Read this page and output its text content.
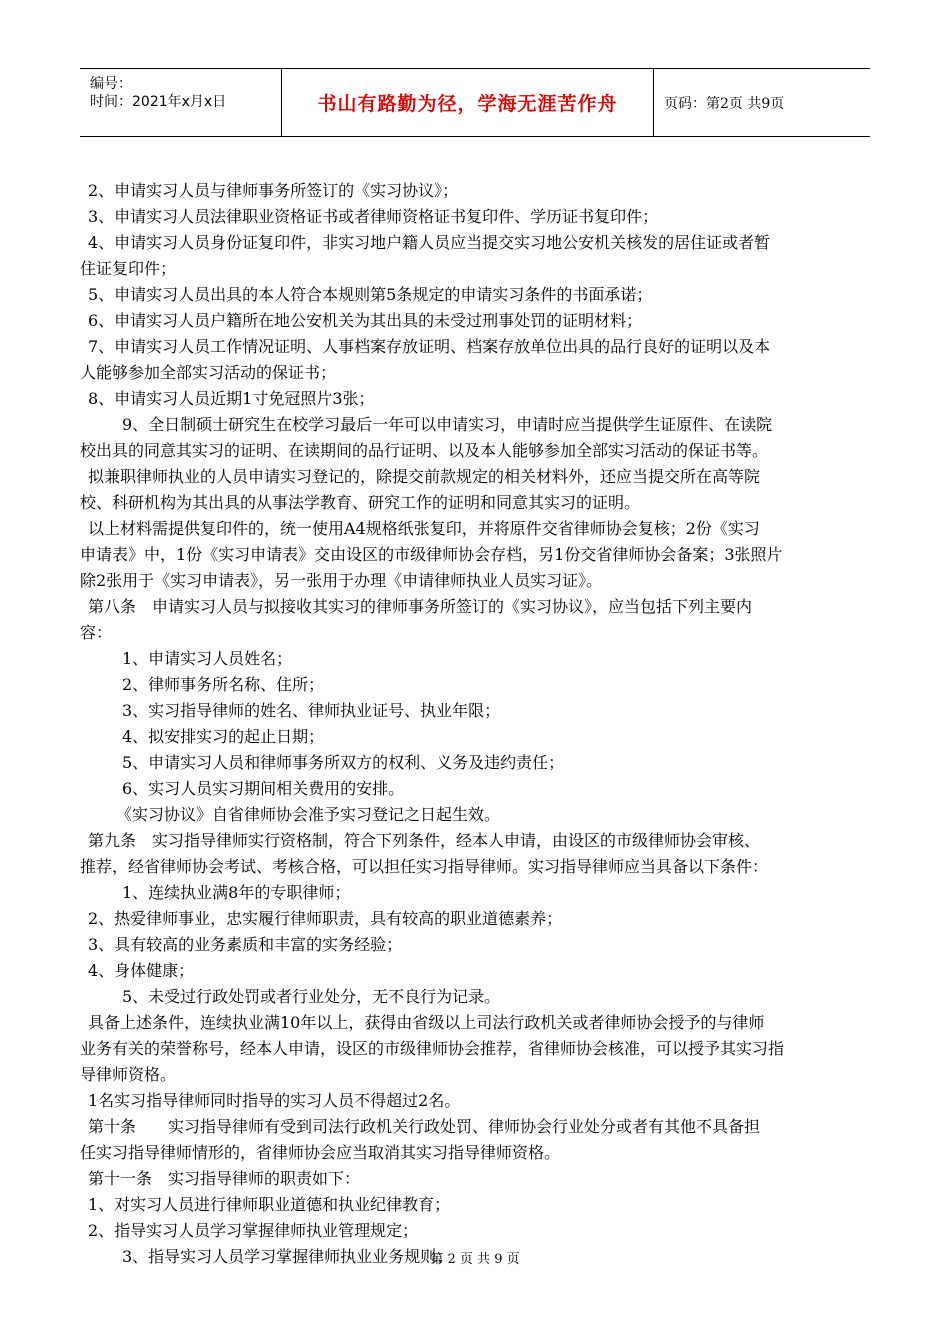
编号：
时间：2021年x月x日	书山有路勤为径，学海无涯苦作舟	页码：第2页 共9页
2、申请实习人员与律师事务所签订的《实习协议》；
3、申请实习人员法律职业资格证书或者律师资格证书复印件、学历证书复印件；
4、申请实习人员身份证复印件，非实习地户籍人员应当提交实习地公安机关核发的居住证或者暂
住证复印件；
5、申请实习人员出具的本人符合本规则第5条规定的申请实习条件的书面承诺；
6、申请实习人员户籍所在地公安机关为其出具的未受过刑事处罚的证明材料；
7、申请实习人员工作情况证明、人事档案存放证明、档案存放单位出具的品行良好的证明以及本
人能够参加全部实习活动的保证书；
8、申请实习人员近期1寸免冠照片3张；
9、全日制硕士研究生在校学习最后一年可以申请实习，申请时应当提供学生证原件、在读院
校出具的同意其实习的证明、在读期间的品行证明、以及本人能够参加全部实习活动的保证书等。
拟兼职律师执业的人员申请实习登记的，除提交前款规定的相关材料外，还应当提交所在高等院
校、科研机构为其出具的从事法学教育、研究工作的证明和同意其实习的证明。
以上材料需提供复印件的，统一使用A4规格纸张复印，并将原件交省律师协会复核；2份《实习
申请表》中，1份《实习申请表》交由设区的市级律师协会存档，另1份交省律师协会备案；3张照片
除2张用于《实习申请表》，另一张用于办理《申请律师执业人员实习证》。
第八条　申请实习人员与拟接收其实习的律师事务所签订的《实习协议》，应当包括下列主要内
容：
1、申请实习人员姓名；
2、律师事务所名称、住所；
3、实习指导律师的姓名、律师执业证号、执业年限；
4、拟安排实习的起止日期；
5、申请实习人员和律师事务所双方的权利、义务及违约责任；
6、实习人员实习期间相关费用的安排。
《实习协议》自省律师协会准予实习登记之日起生效。
第九条　实习指导律师实行资格制，符合下列条件，经本人申请，由设区的市级律师协会审核、
推荐，经省律师协会考试、考核合格，可以担任实习指导律师。实习指导律师应当具备以下条件：
1、连续执业满8年的专职律师；
2、热爱律师事业，忠实履行律师职责，具有较高的职业道德素养；
3、具有较高的业务素质和丰富的实务经验；
4、身体健康；
5、未受过行政处罚或者行业处分，无不良行为记录。
具备上述条件，连续执业满10年以上，获得由省级以上司法行政机关或者律师协会授予的与律师
业务有关的荣誉称号，经本人申请，设区的市级律师协会推荐，省律师协会核准，可以授予其实习指
导律师资格。
1名实习指导律师同时指导的实习人员不得超过2名。
第十条　　实习指导律师有受到司法行政机关行政处罚、律师协会行业处分或者有其他不具备担
任实习指导律师情形的，省律师协会应当取消其实习指导律师资格。
第十一条　实习指导律师的职责如下：
1、对实习人员进行律师职业道德和执业纪律教育；
2、指导实习人员学习掌握律师执业管理规定；
3、指导实习人员学习掌握律师执业业务规则；
第 2 页 共 9 页
